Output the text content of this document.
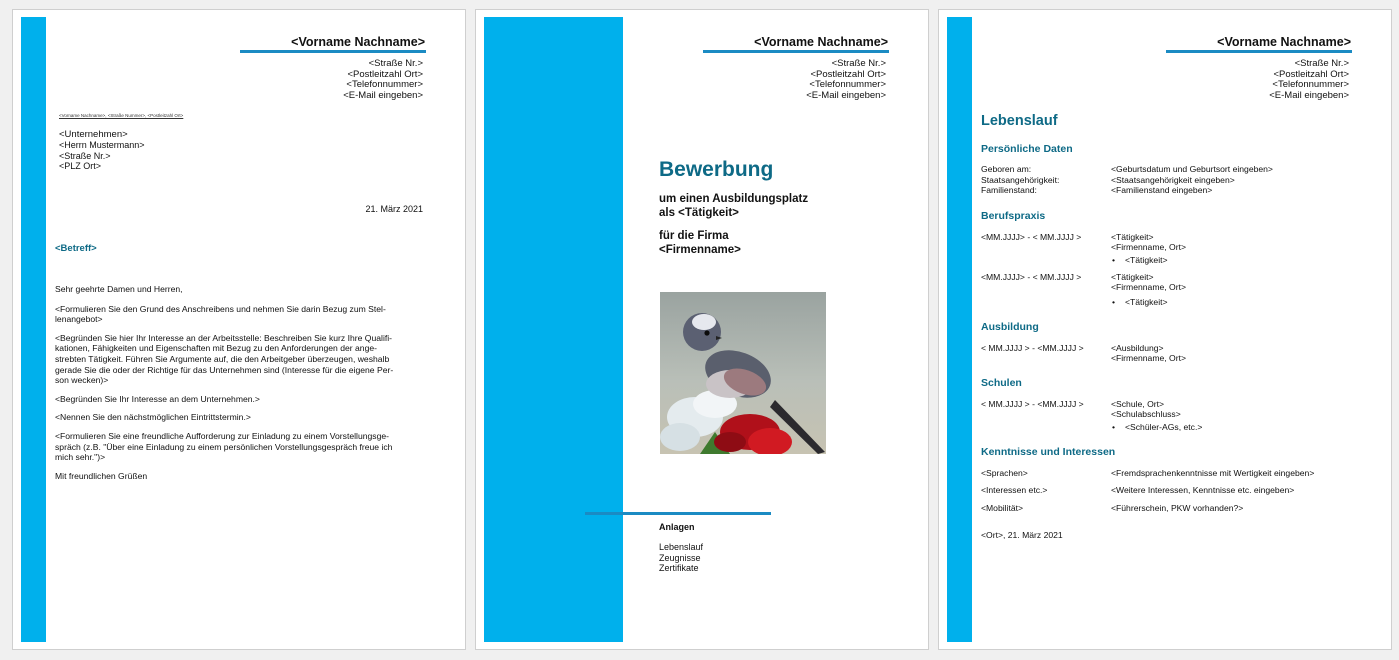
<Vorname Nachname>
<Straße Nr.>
<Postleitzahl Ort>
<Telefonnummer>
<E-Mail eingeben>
<Vorname Nachname>, <Straße Nummer>, <Postleitzahl Ort>
<Unternehmen>
<Herrn Mustermann>
<Straße Nr.>
<PLZ Ort>
21. März 2021
<Betreff>

Sehr geehrte Damen und Herren,

<Formulieren Sie den Grund des Anschreibens und nehmen Sie darin Bezug zum Stel-
lenangebot>

<Begründen Sie hier Ihr Interesse an der Arbeitsstelle: Beschreiben Sie kurz Ihre Qualifi-
kationen, Fähigkeiten und Eigenschaften mit Bezug zu den Anforderungen der ange-
strebten Tätigkeit. Führen Sie Argumente auf, die den Arbeitgeber überzeugen, weshalb
gerade Sie die oder der Richtige für das Unternehmen sind (Interesse für die eigene Per-
son wecken)>

<Begründen Sie Ihr Interesse an dem Unternehmen.>

<Nennen Sie den nächstmöglichen Eintrittstermin.>

<Formulieren Sie eine freundliche Aufforderung zur Einladung zu einem Vorstellungsge-
spräch (z.B. "Über eine Einladung zu einem persönlichen Vorstellungsgespräch freue ich
mich sehr.")>

Mit freundlichen Grüßen

<Vorname Nachname>
<Straße Nr.>
<Postleitzahl Ort>
<Telefonnummer>
<E-Mail eingeben>
Bewerbung
um einen Ausbildungsplatz
als <Tätigkeit>
für die Firma
<Firmenname>
Anlagen
Lebenslauf
Zeugnisse
Zertifikate
<Vorname Nachname>
<Straße Nr.>
<Postleitzahl Ort>
<Telefonnummer>
<E-Mail eingeben>
Lebenslauf
Persönliche Daten
Geboren am:	<Geburtsdatum und Geburtsort eingeben>
Staatsangehörigkeit:	<Staatsangehörigkeit eingeben>
Familienstand:	<Familienstand eingeben>
Berufspraxis
<MM.JJJJ> - < MM.JJJJ >	<Tätigkeit>
<Firmenname, Ort>
• <Tätigkeit>
<MM.JJJJ> - < MM.JJJJ >	<Tätigkeit>
<Firmenname, Ort>
• <Tätigkeit>
Ausbildung
< MM.JJJJ > - <MM.JJJJ >	<Ausbildung>
<Firmenname, Ort>
Schulen
< MM.JJJJ > - <MM.JJJJ >	<Schule, Ort>
<Schulabschluss>
• <Schüler-AGs, etc.>
Kenntnisse und Interessen
<Sprachen>	<Fremdsprachenkenntnisse mit Wertigkeit eingeben>
<Interessen etc.>	<Weitere Interessen, Kenntnisse etc. eingeben>
<Mobilität>	<Führerschein, PKW vorhanden?>
<Ort>, 21. März 2021
